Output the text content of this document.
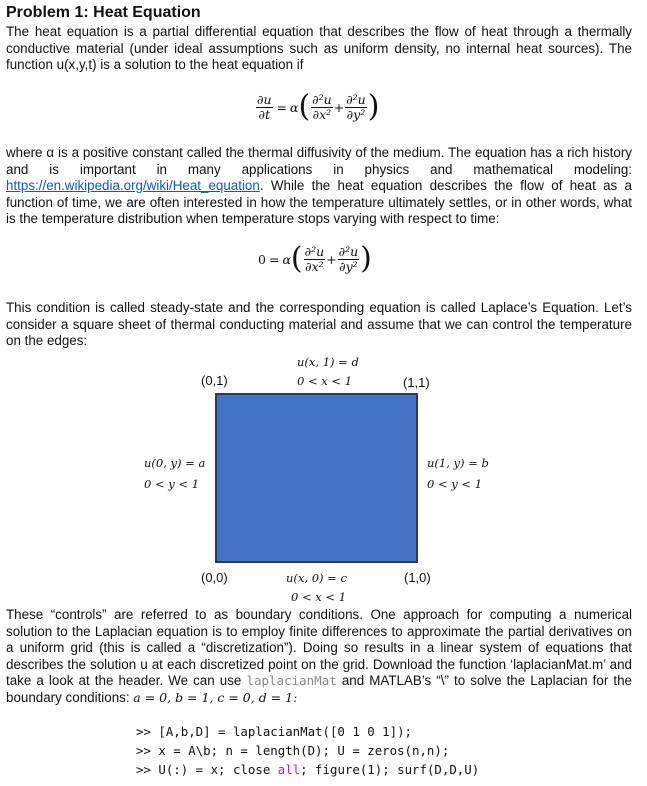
Problem 1: Heat Equation
The heat equation is a partial differential equation that describes the flow of heat through a thermally conductive material (under ideal assumptions such as uniform density, no internal heat sources). The function u(x,y,t) is a solution to the heat equation if
$\frac{\partial u}{\partial t} = \alpha$ ( $\frac{\text{∂²u}}{\text{∂x²}} + \frac{\text{∂²u}}{\text{∂y²}}$ )
where α is a positive constant called the thermal diffusivity of the medium. The equation has a rich history and is important in many applications in physics and mathematical modeling: https://en.wikipedia.org/wiki/Heat_equation. While the heat equation describes the flow of heat as a function of time, we are often interested in how the temperature ultimately settles, or in other words, what is the temperature distribution when temperature stops varying with respect to time:
0 = α ( $\frac{\text{∂²u}}{\text{∂x²}} + \frac{\text{∂²u}}{\text{∂y²}}$ )
This condition is called steady-state and the corresponding equation is called Laplace’s Equation. Let’s consider a square sheet of thermal conducting material and assume that we can control the temperature on the edges:
u(x, 1) = d
0 < x < 1
(0,1)	(1,1)
u(0, y) = a
0 < y < 1
u(1, y) = b
0 < y < 1
(0,0)	u(x, 0) = c	(1,0)
0 < x < 1
These “controls” are referred to as boundary conditions. One approach for computing a numerical solution to the Laplacian equation is to employ finite differences to approximate the partial derivatives on a uniform grid (this is called a “discretization”). Doing so results in a linear system of equations that describes the solution u at each discretized point on the grid. Download the function ‘laplacianMat.m’ and take a look at the header. We can use laplacianMat and MATLAB’s “\” to solve the Laplacian for the boundary conditions: a = 0, b = 1, c = 0, d = 1:
>> [A,b,D] = laplacianMat([0 1 0 1]);
>> x = A\b; n = length(D); U = zeros(n,n);
>> U(:) = x; close all; figure(1); surf(D,D,U)
